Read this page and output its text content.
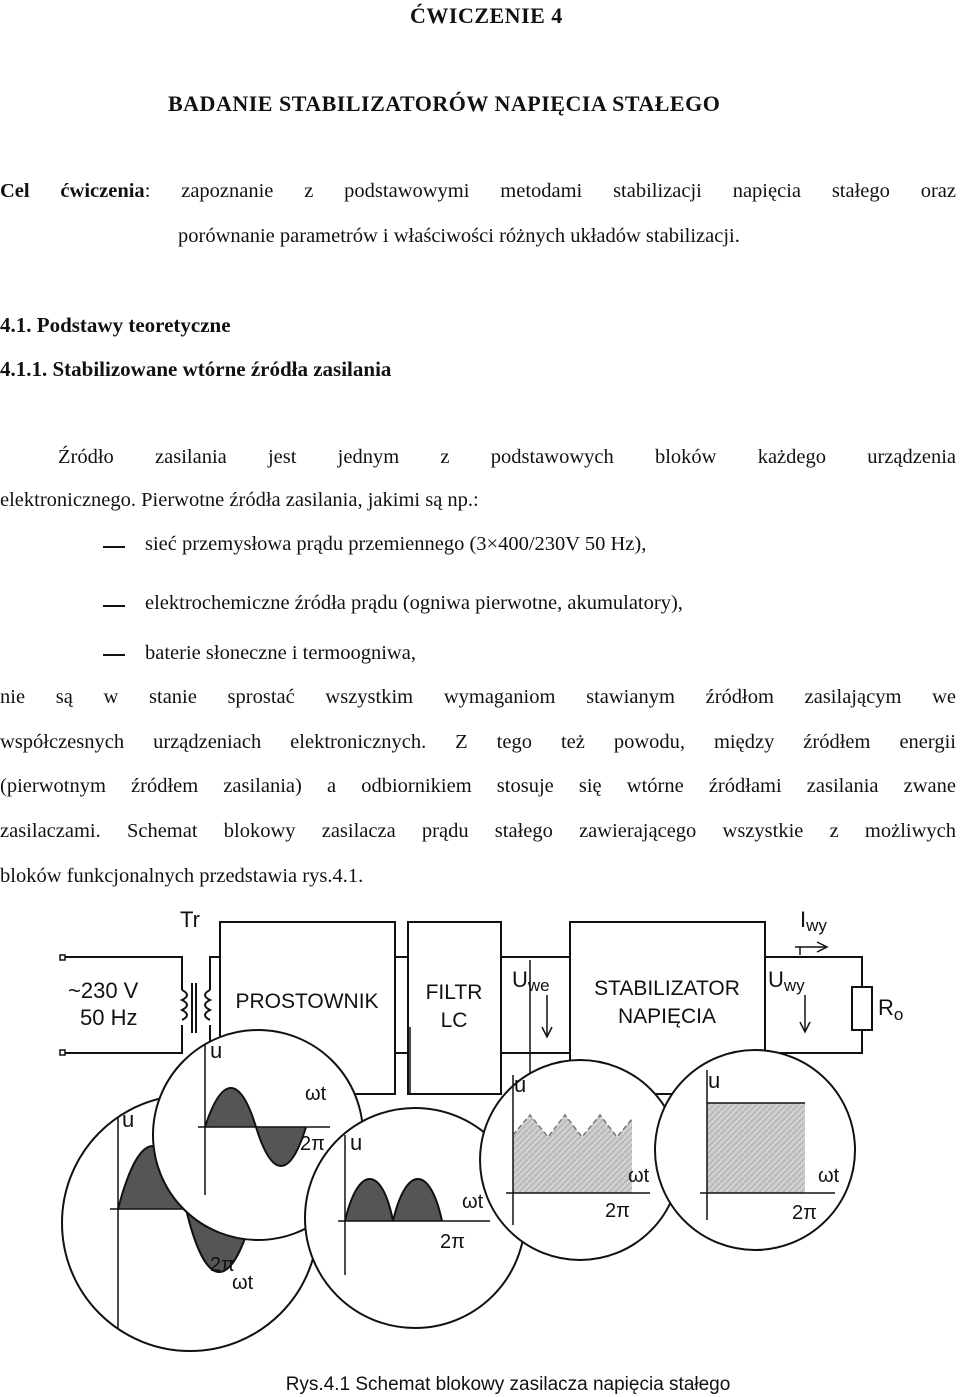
ĆWICZENIE 4
BADANIE STABILIZATORÓW NAPIĘCIA STAŁEGO
Cel ćwiczenia: zapoznanie z podstawowymi metodami stabilizacji napięcia stałego oraz
porównanie parametrów i właściwości różnych układów stabilizacji.
4.1. Podstawy teoretyczne
4.1.1. Stabilizowane wtórne źródła zasilania
Źródło zasilania jest jednym z podstawowych bloków każdego urządzenia
elektronicznego. Pierwotne źródła zasilania, jakimi są np.:
sieć przemysłowa prądu przemiennego (3×400/230V 50 Hz),
elektrochemiczne źródła prądu (ogniwa pierwotne, akumulatory),
baterie słoneczne i termoogniwa,
nie są w stanie sprostać wszystkim wymaganiom stawianym źródłom zasilającym we
współczesnych urządzeniach elektronicznych. Z tego też powodu, między źródłem energii
(pierwotnym źródłem zasilania) a odbiornikiem stosuje się wtórne źródłami zasilania zwane
zasilaczami. Schemat blokowy zasilacza prądu stałego zawierającego wszystkie z możliwych
bloków funkcjonalnych przedstawia rys.4.1.
~230 V
50 Hz
Tr
PROSTOWNIK FILTR
LC
Uwe STABILIZATOR
NAPIĘCIA
Iwy
Uwy
$R_o$
u
ωt
2π
u
ωt
2π u
ωt
2π
u
ωt
2π
u
ωt
2π
Rys.4.1 Schemat blokowy zasilacza napięcia stałego
